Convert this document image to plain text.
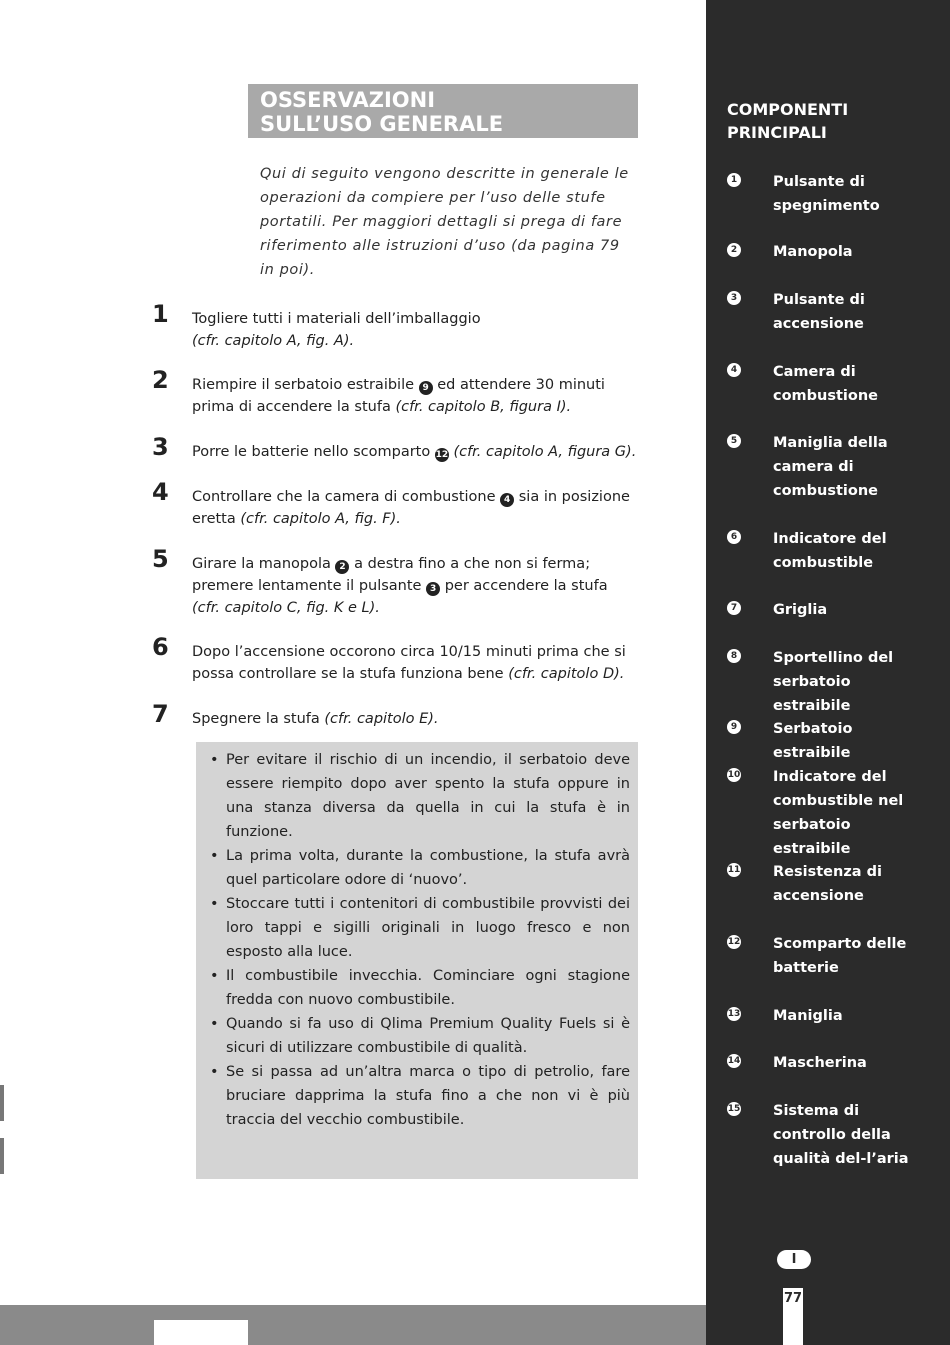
COMPONENTI PRINCIPALI
1 Pulsante di spegnimento
2 Manopola
3 Pulsante di accensione
4 Camera di combustione
5 Maniglia della camera di combustione
6 Indicatore del combustible
7 Griglia
8 Sportellino del serbatoio estraibile
9 Serbatoio estraibile
10 Indicatore del combustible nel serbatoio estraibile
11 Resistenza di accensione
12 Scomparto delle batterie
13 Maniglia
14 Mascherina
15 Sistema di controllo della qualità del-l’aria
OSSERVAZIONI
SULL’USO GENERALE
Qui di seguito vengono descritte in generale le operazioni da compiere per l’uso delle stufe portatili. Per maggiori dettagli si prega di fare riferimento alle istruzioni d’uso (da pagina 79 in poi).
1 Togliere tutti i materiali dell’imballaggio
(cfr. capitolo A, fig. A).
2 Riempire il serbatoio estraibile 9 ed attendere 30 minuti prima di accendere la stufa (cfr. capitolo B, figura I).
3 Porre le batterie nello scomparto 12 (cfr. capitolo A, figura G).
4 Controllare che la camera di combustione 4 sia in posizione eretta (cfr. capitolo A, fig. F).
5 Girare la manopola 2 a destra fino a che non si ferma; premere lentamente il pulsante 3 per accendere la stufa
(cfr. capitolo C, fig. K e L).
6 Dopo l’accensione occorono circa 10/15 minuti prima che si possa controllare se la stufa funziona bene (cfr. capitolo D).
7 Spegnere la stufa (cfr. capitolo E).
• Per evitare il rischio di un incendio, il serbatoio deve essere riempito dopo aver spento la stufa oppure in una stanza diversa da quella in cui la stufa è in funzione.
• La prima volta, durante la combustione, la stufa avrà quel particolare odore di ‘nuovo’.
• Stoccare tutti i contenitori di combustibile provvisti dei loro tappi e sigilli originali in luogo fresco e non esposto alla luce.
• Il combustibile invecchia. Cominciare ogni stagione fredda con nuovo combustibile.
• Quando si fa uso di Qlima Premium Quality Fuels si è sicuri di utilizzare combustibile di qualità.
• Se si passa ad un’altra marca o tipo di petrolio, fare bruciare dapprima la stufa fino a che non vi è più traccia del vecchio combustibile.
I
77
